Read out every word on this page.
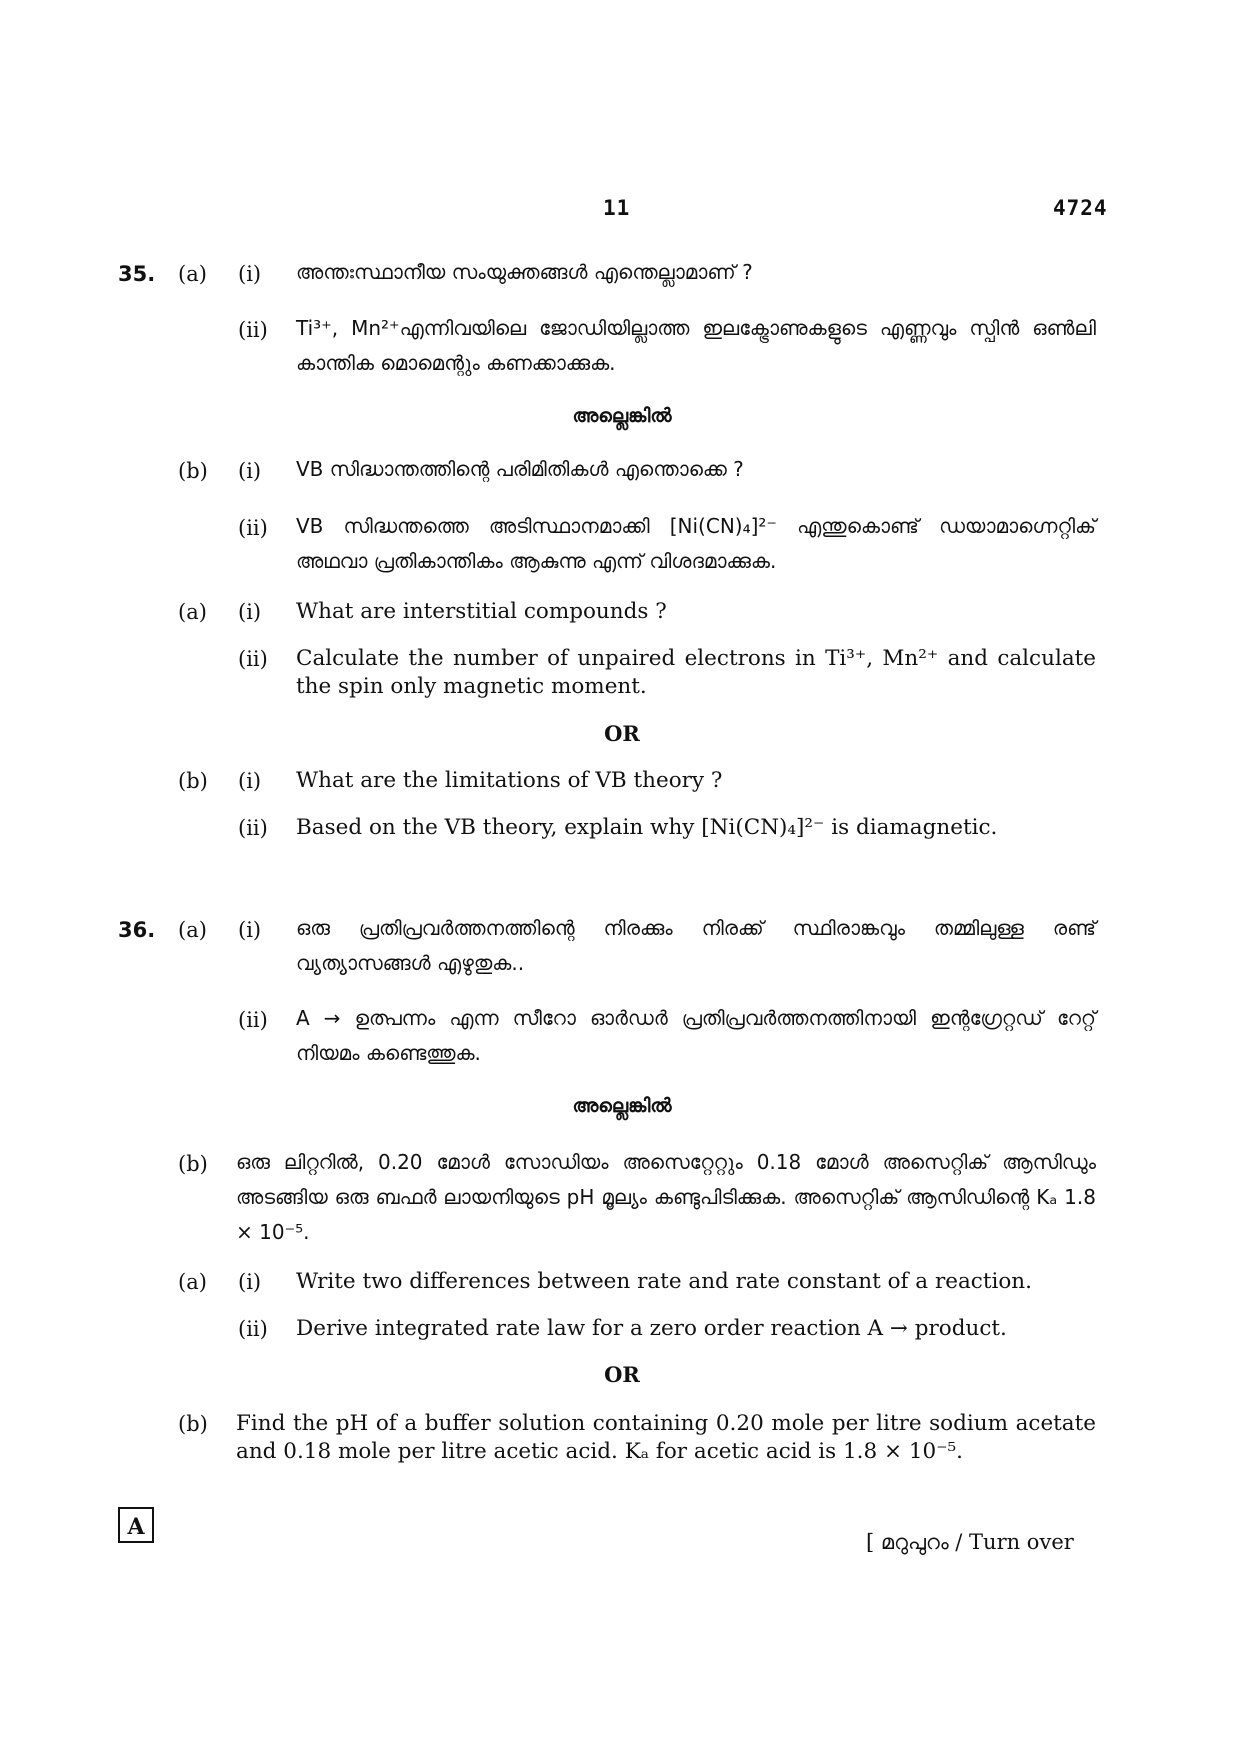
11	4724
35. (a) (i) അന്തഃസ്ഥാനീയ സംയുക്തങ്ങൾ എന്തെല്ലാമാണ് ?
(ii) Ti³⁺, Mn²⁺എന്നിവയിലെ ജോഡിയില്ലാത്ത ഇലക്ട്രോണുകളുടെ എണ്ണവും സ്പിൻ ഒൺലി കാന്തിക മൊമെന്റും കണക്കാക്കുക.
അല്ലെങ്കിൽ
(b) (i) VB സിദ്ധാന്തത്തിന്റെ പരിമിതികൾ എന്തൊക്കെ ?
(ii) VB സിദ്ധന്തത്തെ അടിസ്ഥാനമാക്കി [Ni(CN)₄]²⁻ എന്തുകൊണ്ട് ഡയാമാഗ്നെറ്റിക് അഥവാ പ്രതികാന്തികം ആകുന്നു എന്ന് വിശദമാക്കുക.
(a) (i) What are interstitial compounds ?
(ii) Calculate the number of unpaired electrons in Ti³⁺, Mn²⁺ and calculate the spin only magnetic moment.
OR
(b) (i) What are the limitations of VB theory ?
(ii) Based on the VB theory, explain why [Ni(CN)₄]²⁻ is diamagnetic.
36. (a) (i) ഒരു പ്രതിപ്രവർത്തനത്തിന്റെ നിരക്കും നിരക്ക് സ്ഥിരാങ്കവും തമ്മിലുള്ള രണ്ട് വ്യത്യാസങ്ങൾ എഴുതുക..
(ii) A → ഉത്പന്നം എന്ന സീറോ ഓർഡർ പ്രതിപ്രവർത്തനത്തിനായി ഇന്റഗ്രേറ്റഡ് റേറ്റ് നിയമം കണ്ടെത്തുക.
അല്ലെങ്കിൽ
(b) ഒരു ലിറ്ററിൽ, 0.20 മോൾ സോഡിയം അസെറ്റേറ്റും 0.18 മോൾ അസെറ്റിക് ആസിഡും അടങ്ങിയ ഒരു ബഫർ ലായനിയുടെ pH മൂല്യം കണ്ടുപിടിക്കുക. അസെറ്റിക് ആസിഡിന്റെ Kₐ 1.8 × 10⁻⁵.
(a) (i) Write two differences between rate and rate constant of a reaction.
(ii) Derive integrated rate law for a zero order reaction A → product.
OR
(b) Find the pH of a buffer solution containing 0.20 mole per litre sodium acetate and 0.18 mole per litre acetic acid. Kₐ for acetic acid is 1.8 × 10⁻⁵.
A
[ മറുപുറം / Turn over
